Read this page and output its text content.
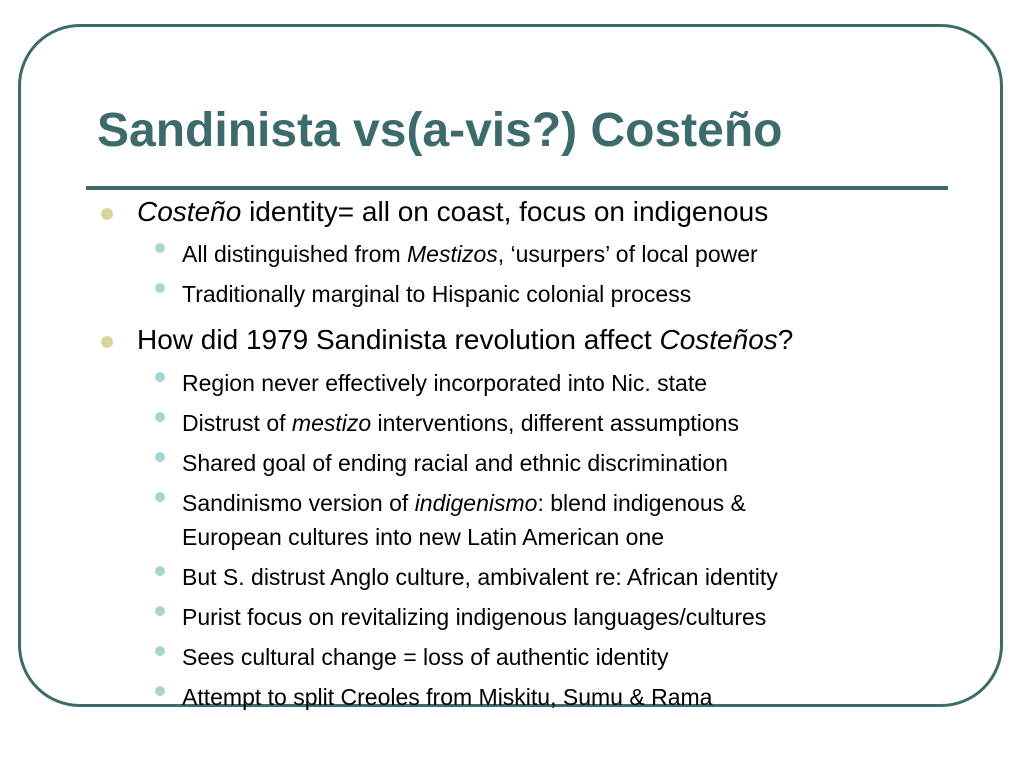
Sandinista vs(a-vis?) Costeño
Costeño identity= all on coast, focus on indigenous
All distinguished from Mestizos, ‘usurpers’ of local power
Traditionally marginal to Hispanic colonial process
How did 1979 Sandinista revolution affect Costeños?
Region never effectively incorporated into Nic. state
Distrust of mestizo interventions, different assumptions
Shared goal of ending racial and ethnic discrimination
Sandinismo version of indigenismo: blend indigenous &
European cultures into new Latin American one
But S. distrust Anglo culture, ambivalent re: African identity
Purist focus on revitalizing indigenous languages/cultures
Sees cultural change = loss of authentic identity
Attempt to split Creoles from Miskitu, Sumu & Rama
